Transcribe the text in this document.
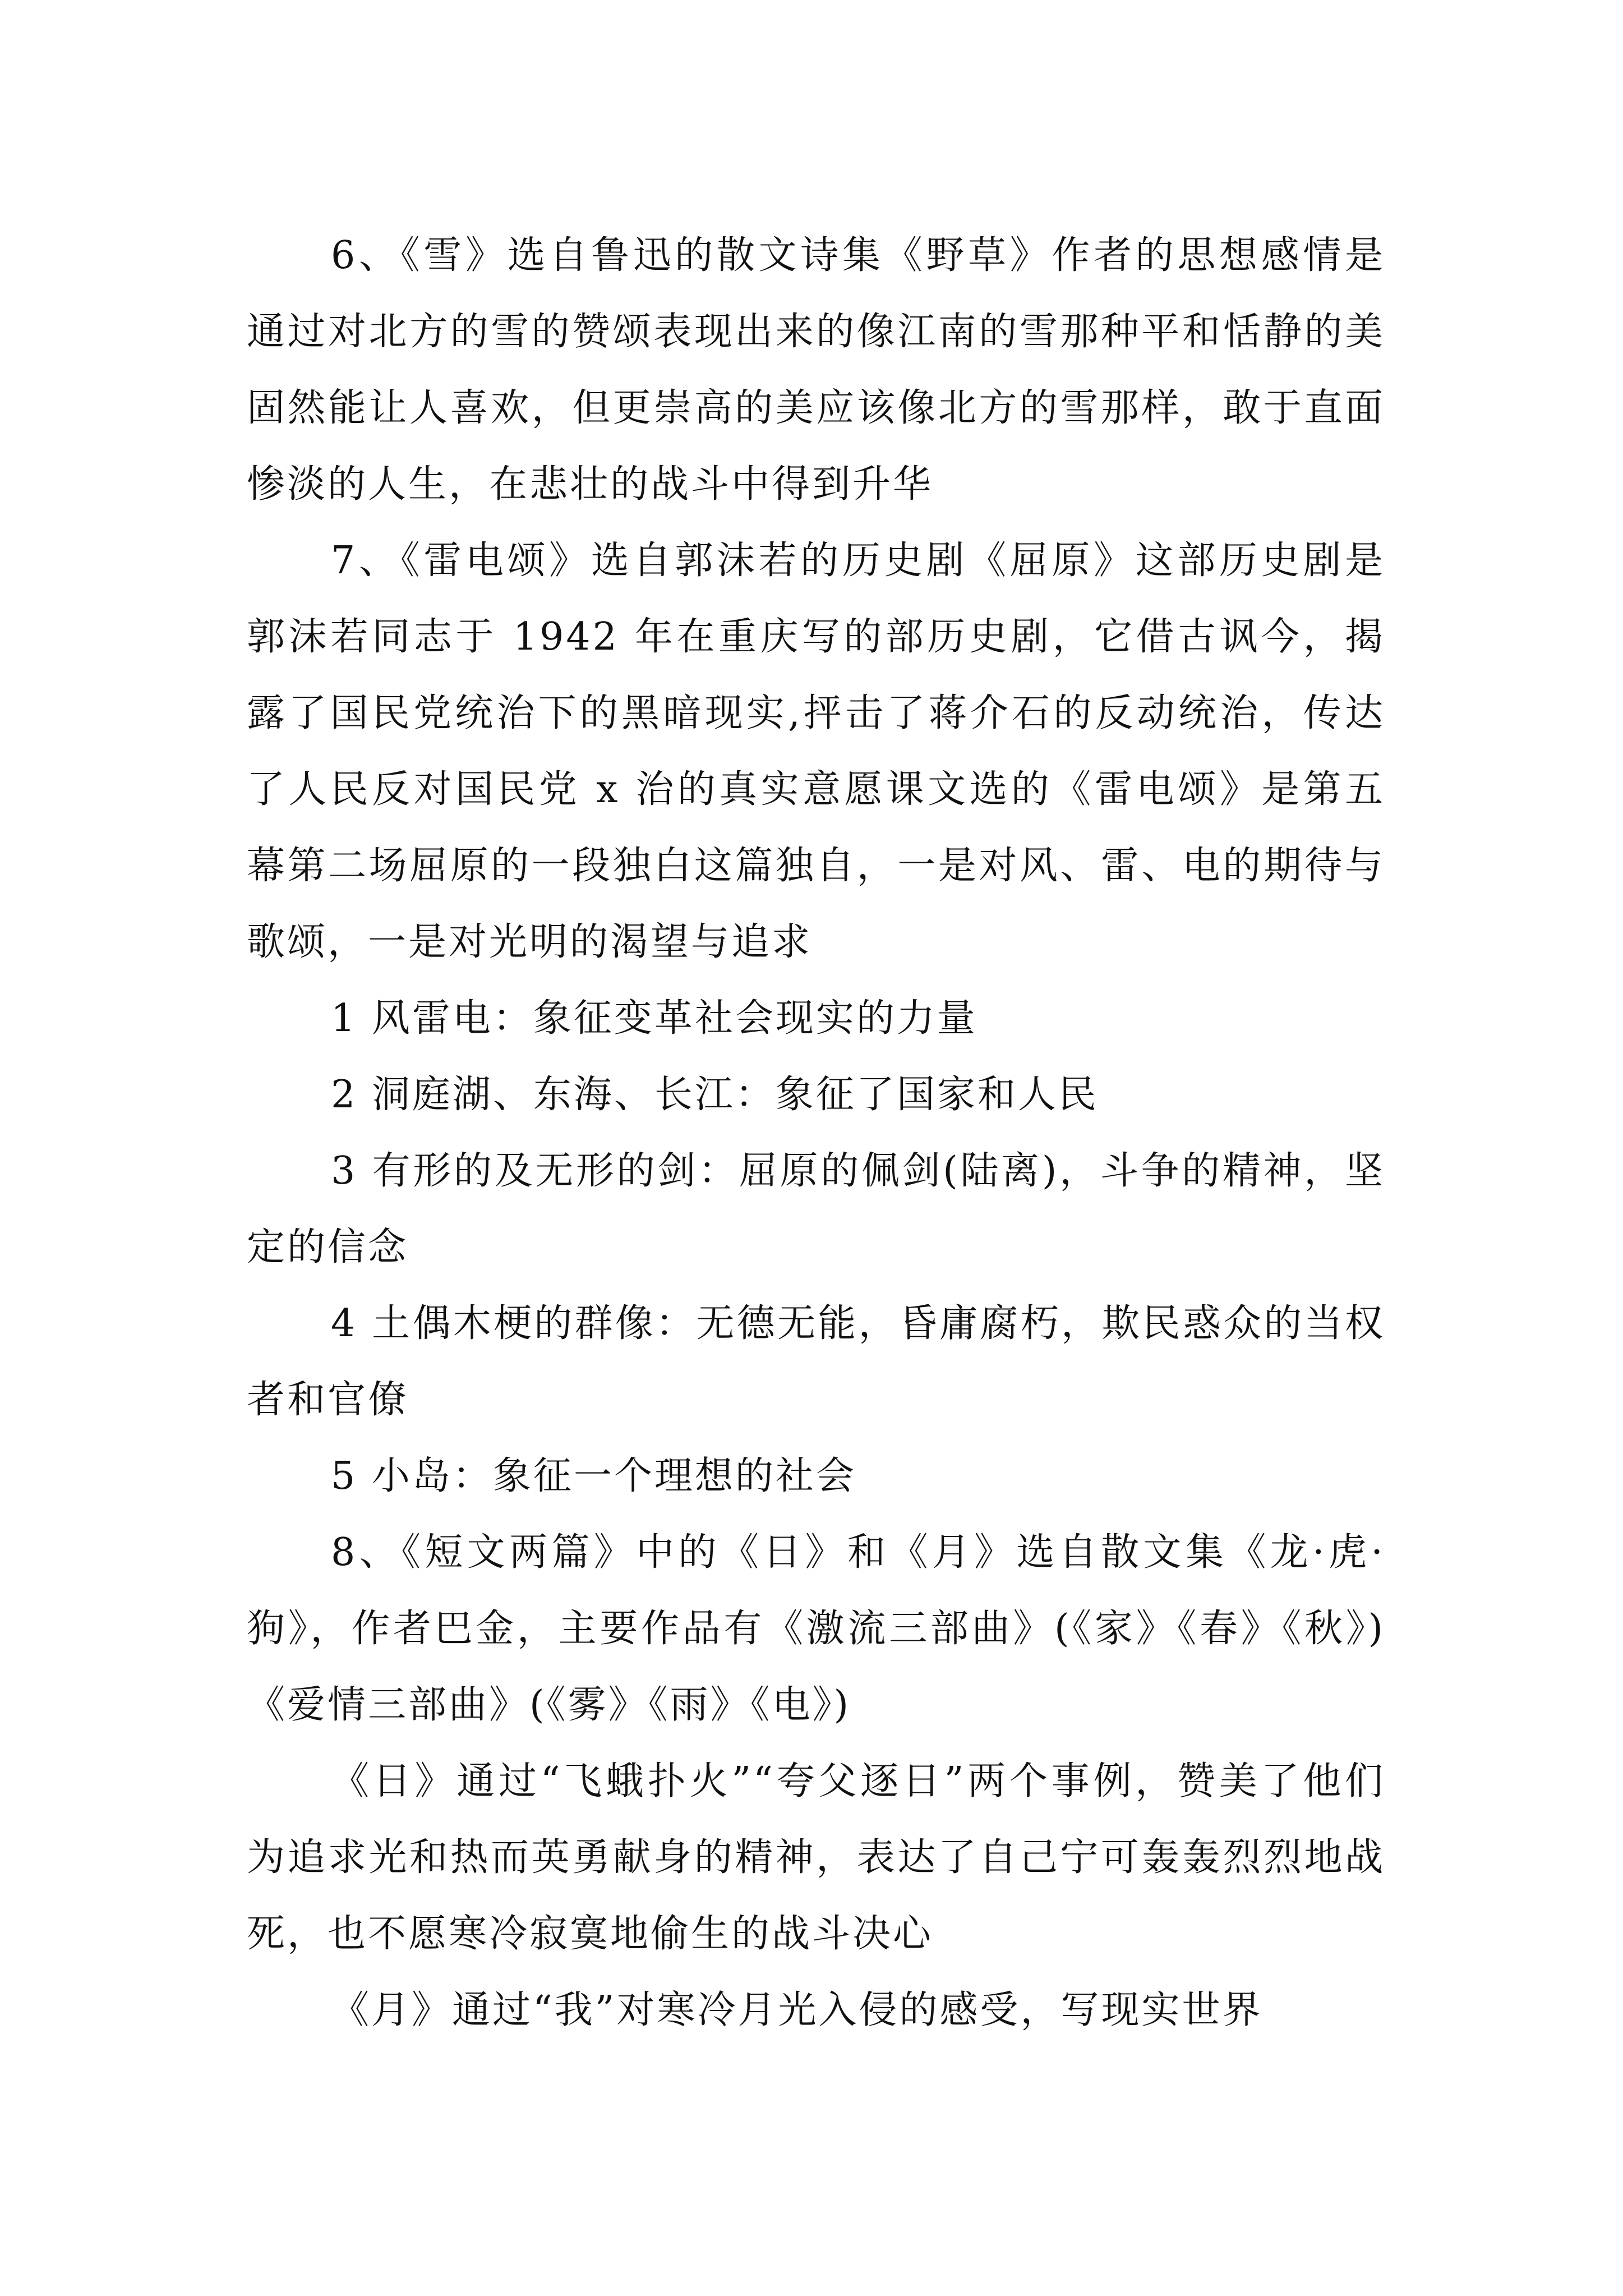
6、《雪》选自鲁迅的散文诗集《野草》作者的思想感情是通过对北方的雪的赞颂表现出来的像江南的雪那种平和恬静的美固然能让人喜欢，但更崇高的美应该像北方的雪那样，敢于直面惨淡的人生，在悲壮的战斗中得到升华

7、《雷电颂》选自郭沫若的历史剧《屈原》这部历史剧是郭沫若同志于 1942 年在重庆写的部历史剧，它借古讽今，揭露了国民党统治下的黑暗现实,抨击了蒋介石的反动统治，传达了人民反对国民党 x 治的真实意愿课文选的《雷电颂》是第五幕第二场屈原的一段独白这篇独自，一是对风、雷、电的期待与歌颂，一是对光明的渴望与追求

1 风雷电：象征变革社会现实的力量

2 洞庭湖、东海、长江：象征了国家和人民

3 有形的及无形的剑：屈原的佩剑(陆离)，斗争的精神，坚定的信念

4 土偶木梗的群像：无德无能，昏庸腐朽，欺民惑众的当权者和官僚

5 小岛：象征一个理想的社会

8、《短文两篇》中的《日》和《月》选自散文集《龙·虎·狗》，作者巴金，主要作品有《激流三部曲》(《家》《春》《秋》)《爱情三部曲》(《雾》《雨》《电》)

《日》通过“飞蛾扑火”“夸父逐日”两个事例，赞美了他们为追求光和热而英勇献身的精神，表达了自己宁可轰轰烈烈地战死，也不愿寒冷寂寞地偷生的战斗决心

《月》通过“我”对寒冷月光入侵的感受，写现实世界
